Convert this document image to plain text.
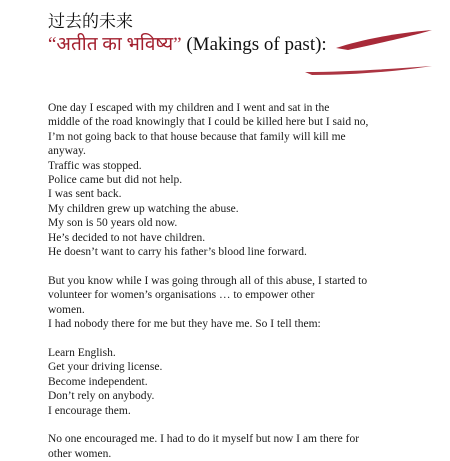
过去的未来
“अतीत का भविष्य” (Makings of past):
One day I escaped with my children and I went and sat in the
middle of the road knowingly that I could be killed here but I said no,
I’m not going back to that house because that family will kill me
anyway.
Traffic was stopped.
Police came but did not help.
I was sent back.
My children grew up watching the abuse.
My son is 50 years old now.
He’s decided to not have children.
He doesn’t want to carry his father’s blood line forward.
But you know while I was going through all of this abuse, I started to
volunteer for women’s organisations … to empower other
women.
I had nobody there for me but they have me. So I tell them:
Learn English.
Get your driving license.
Become independent.
Don’t rely on anybody.
I encourage them.
No one encouraged me. I had to do it myself but now I am there for
other women.
